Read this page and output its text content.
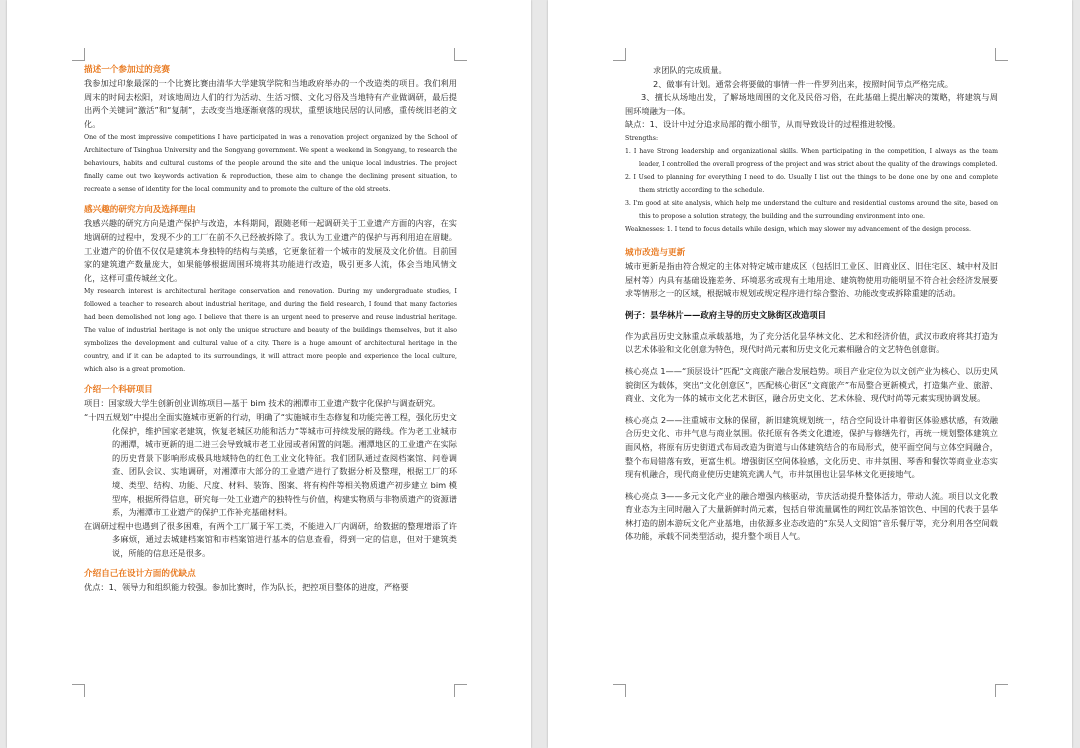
描述一个参加过的竞赛

我参加过印象最深的一个比赛比赛由清华大学建筑学院和当地政府举办的一个改造类的项目。我们利用周末的时间去松阳，对该地周边人们的行为活动、生活习惯、文化习俗及当地特有产业做调研，最后提出两个关键词“激活”和“复制”，去改变当地逐渐衰落的现状，重塑该地民居的认同感，重传统旧老韵文化。

One of the most impressive competitions I have participated in was a renovation project organized by the School of Architecture of Tsinghua University and the Songyang government. We spent a weekend in Songyang, to research the behaviours, habits and cultural customs of the people around the site and the unique local industries. The project finally came out two keywords activation & reproduction, these aim to change the declining present situation, to recreate a sense of identity for the local community and to promote the culture of the old streets.

感兴趣的研究方向及选择理由

我感兴趣的研究方向是遗产保护与改造，本科期间，跟随老师一起调研关于工业遗产方面的内容，在实地调研的过程中，发现不少的工厂在前不久已经被拆除了。我认为工业遗产的保护与再利用迫在眉睫。工业遗产的价值不仅仅是建筑本身独特的结构与美感，它更象征着一个城市的发展及文化价值。目前国家的建筑遗产数量庞大，如果能够根据周围环境将其功能进行改造，吸引更多人流，体会当地风情文化，这样可重传城丝文化。

My research interest is architectural heritage conservation and renovation. During my undergraduate studies, I followed a teacher to research about industrial heritage, and during the field research, I found that many factories had been demolished not long ago. I believe that there is an urgent need to preserve and reuse industrial heritage. The value of industrial heritage is not only the unique structure and beauty of the buildings themselves, but it also symbolizes the development and cultural value of a city. There is a huge amount of architectural heritage in the country, and if it can be adapted to its surroundings, it will attract more people and experience the local culture, which also is a great promotion.

介绍一个科研项目

项目：国家级大学生创新创业训练项目—基于 bim 技术的湘潭市工业遗产数字化保护与调查研究。

“十四五规划”中提出全面实施城市更新的行动，明确了“实施城市生态修复和功能完善工程，强化历史文化保护，维护国家老建筑，恢复老城区功能和活力”等城市可持续发展的路线。作为老工业城市的湘潭，城市更新的退二进三会导致城市老工业园或者闲置的问题。湘潭地区的工业遗产在实际的历史背景下影响形成极具地域特色的红色工业文化特征。我们团队通过查阅档案馆、问卷调查、团队会议、实地调研，对湘潭市大部分的工业遗产进行了数据分析及整理，根据工厂的环境、类型、结构、功能、尺度、材料、装饰、图案、将有构件等相关物质遗产初步建立 bim 模型库，根据所得信息，研究每一处工业遗产的独特性与价值，构建实物质与非物质遗产的资源谱系，为湘潭市工业遗产的保护工作补充基础材料。

在调研过程中也遇到了很多困难，有两个工厂属于军工类，不能进入厂内调研，给数据的整理增添了许多麻烦，通过去城建档案馆和市档案馆进行基本的信息查看，得到一定的信息，但对于建筑类说，所能的信息还是很多。

介绍自己在设计方面的优缺点

优点：1、领导力和组织能力较强。参加比赛时，作为队长，把控项目整体的进度，严格要

求团队的完成质量。

2、做事有计划。通常会将要做的事情一件一件罗列出来，按照时间节点严格完成。

3、擅长从场地出发，了解场地周围的文化及民俗习俗，在此基础上提出解决的策略，将建筑与周围环境融为一体。

缺点：1、设计中过分追求局部的微小细节，从而导致设计的过程推进较慢。

Strengths:

1. I have Strong leadership and organizational skills. When participating in the competition, I always as the team leader, I controlled the overall progress of the project and was strict about the quality of the drawings completed.

2. I Used to planning for everything I need to do. Usually I list out the things to be done one by one and complete them strictly according to the schedule.

3. I'm good at site analysis, which help me understand the culture and residential customs around the site, based on this to propose a solution strategy, the building and the surrounding environment into one.

Weaknesses: 1. I tend to focus details while design, which may slower my advancement of the design process.

城市改造与更新

城市更新是指由符合规定的主体对特定城市建成区（包括旧工业区、旧商业区、旧住宅区、城中村及旧屋村等）内具有基础设施差务、环境恶劣或现有土地用途、建筑物使用功能明显不符合社会经济发展要求等情形之一的区域，根据城市规划或规定程序进行综合整治、功能改变或拆除重建的活动。

例子：昙华林片——政府主导的历史文脉街区改造项目

作为武昌历史文脉重点承载基地，为了充分活化昙华林文化、艺术和经济价值，武汉市政府将其打造为以艺术体验和文化创意为特色，现代时尚元素和历史文化元素相融合的文艺特色创意街。

核心亮点 1——“顶层设计”匹配“文商旅产融合发展趋势。项目产业定位为以文创产业为核心、以历史风貌街区为载体，突出“文化创意区”，匹配核心街区“文商旅产”布局整合更新模式，打造集产业、旅游、商业、文化为一体的城市文化艺术街区，融合历史文化、艺术休验、现代时尚等元素实现协调发展。

核心亮点 2——注重城市文脉的保留，新旧建筑规划统一，结合空间设计串着街区体验感状感，有效融合历史文化、市井气息与商业氛围。依托原有各类文化遗迹，保护与修缮先行，再统一规划整体建筑立面风格，将原有历史街道式布局改造为街道与山体建筑结合的布局形式，使平面空间与立体空间融合，整个布局错落有致，更富生机。增强街区空间体验感，文化历史、市井氛围、琴香和餐饮等商业业态实现有机融合，现代商业使历史建筑充满人气，市井氛围也让昙华林文化更接地气。

核心亮点 3——多元文化产业的融合增强内核驱动，节庆活动提升整体活力，带动人流。项目以文化教育业态为主同时融入了大量新鲜时尚元素，包括自带流量属性的网红饮品茶馆饮色、中国的代表于昙华林打造的剧本游玩文化产业基地，由依源多业态改造的“东吴人文阅馆”音乐餐厅等，充分利用各空间载体功能，承载不同类型活动，提升整个项目人气。
